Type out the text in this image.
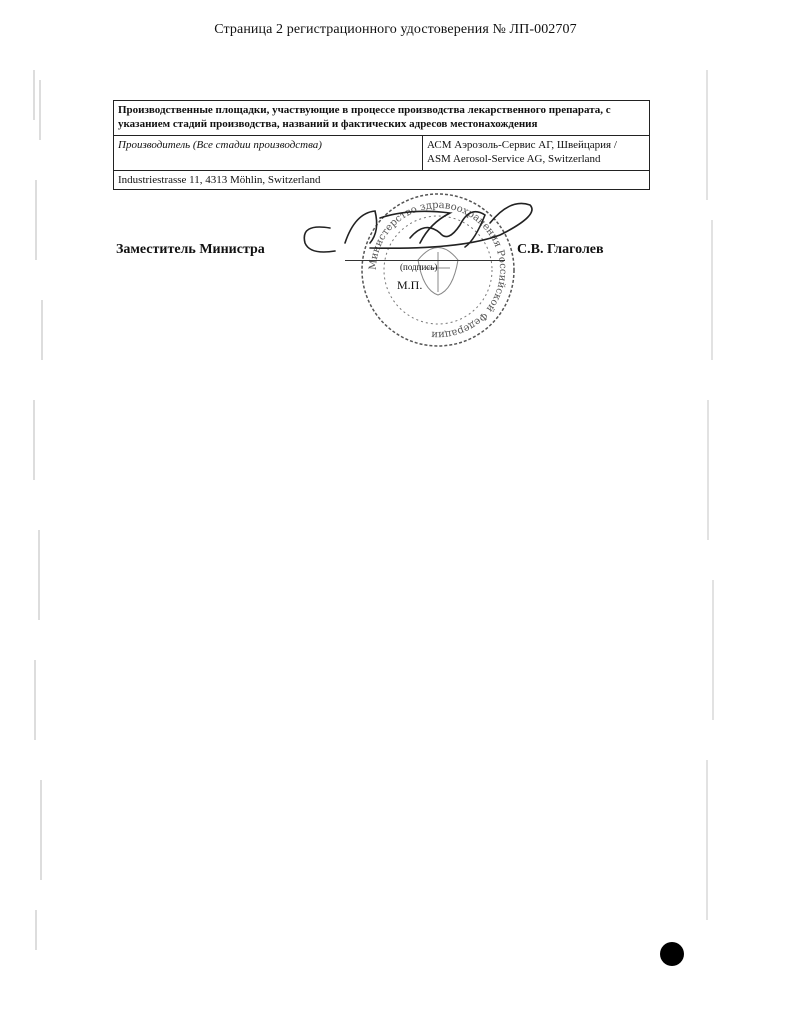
Страница 2 регистрационного удостоверения № ЛП-002707
Производственные площадки, участвующие в процессе производства лекарственного препарата, с указанием стадий производства, названий и фактических адресов местонахождения
Производитель (Все стадии производства)	АСМ Аэрозоль-Сервис АГ, Швейцария /
ASM Aerosol-Service AG, Switzerland

Industriestrasse 11, 4313 Möhlin, Switzerland
Министерство здравоохранения Российской Федерации
Заместитель Министра
(подпись)
М.П.
С.В. Глаголев
